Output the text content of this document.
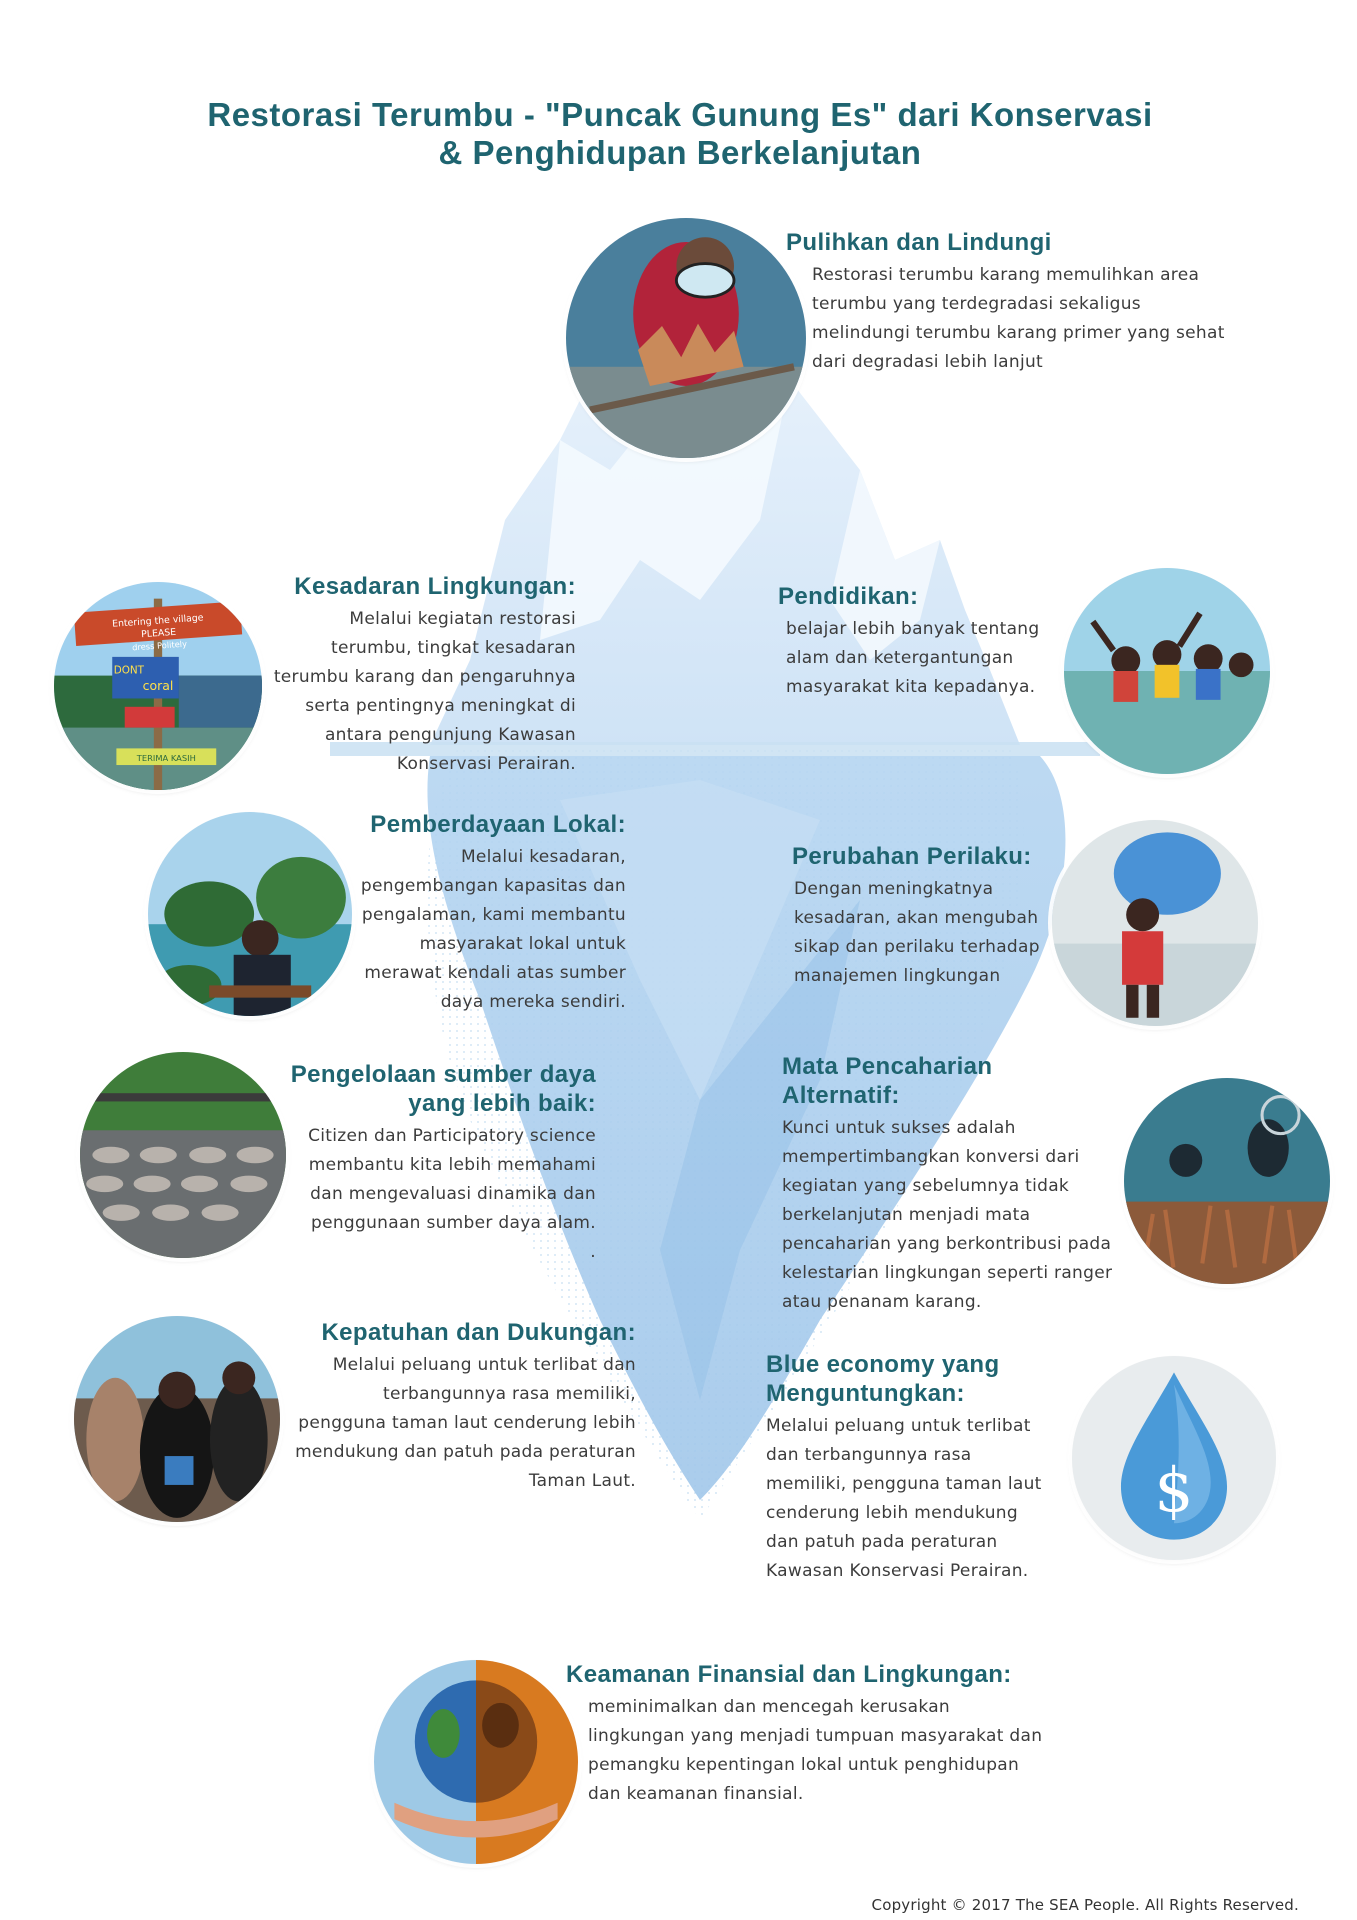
Restorasi Terumbu - "Puncak Gunung Es" dari Konservasi
& Penghidupan Berkelanjutan
Entering the village
PLEASE
dress Politely
DONT
coral
TERIMA KASIH
$
Pulihkan dan Lindungi

Restorasi terumbu karang memulihkan area
terumbu yang terdegradasi sekaligus
melindungi terumbu karang primer yang sehat
dari degradasi lebih lanjut

Kesadaran Lingkungan:

Melalui kegiatan restorasi
terumbu, tingkat kesadaran
terumbu karang dan pengaruhnya
serta pentingnya meningkat di
antara pengunjung Kawasan
Konservasi Perairan.

Pendidikan:

belajar lebih banyak tentang
alam dan ketergantungan
masyarakat kita kepadanya.

Pemberdayaan Lokal:

Melalui kesadaran,
pengembangan kapasitas dan
pengalaman, kami membantu
masyarakat lokal untuk
merawat kendali atas sumber
daya mereka sendiri.

Perubahan Perilaku:

Dengan meningkatnya
kesadaran, akan mengubah
sikap dan perilaku terhadap
manajemen lingkungan

Pengelolaan sumber daya
yang lebih baik:

Citizen dan Participatory science
membantu kita lebih memahami
dan mengevaluasi dinamika dan
penggunaan sumber daya alam.
.

Mata Pencaharian
Alternatif:

Kunci untuk sukses adalah
mempertimbangkan konversi dari
kegiatan yang sebelumnya tidak
berkelanjutan menjadi mata
pencaharian yang berkontribusi pada
kelestarian lingkungan seperti ranger
atau penanam karang.

Kepatuhan dan Dukungan:

Melalui peluang untuk terlibat dan
terbangunnya rasa memiliki,
pengguna taman laut cenderung lebih
mendukung dan patuh pada peraturan
Taman Laut.

Blue economy yang
Menguntungkan:

Melalui peluang untuk terlibat
dan terbangunnya rasa
memiliki, pengguna taman laut
cenderung lebih mendukung
dan patuh pada peraturan
Kawasan Konservasi Perairan.

Keamanan Finansial dan Lingkungan:

meminimalkan dan mencegah kerusakan
lingkungan yang menjadi tumpuan masyarakat dan
pemangku kepentingan lokal untuk penghidupan
dan keamanan finansial.

Copyright © 2017 The SEA People. All Rights Reserved.
